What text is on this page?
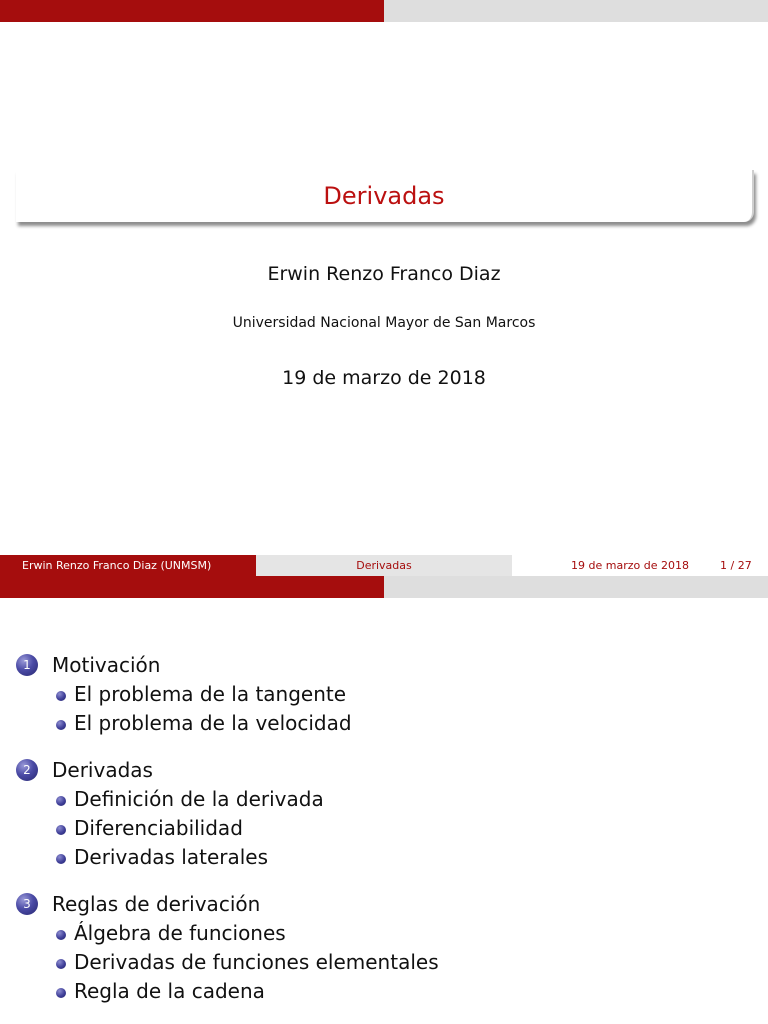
Derivadas
Erwin Renzo Franco Diaz
Universidad Nacional Mayor de San Marcos
19 de marzo de 2018
Erwin Renzo Franco Diaz (UNMSM)	Derivadas	19 de marzo de 2018	1 / 27
1	Motivación
El problema de la tangente
El problema de la velocidad
2	Derivadas
Definición de la derivada
Diferenciabilidad
Derivadas laterales
3	Reglas de derivación
Álgebra de funciones
Derivadas de funciones elementales
Regla de la cadena
